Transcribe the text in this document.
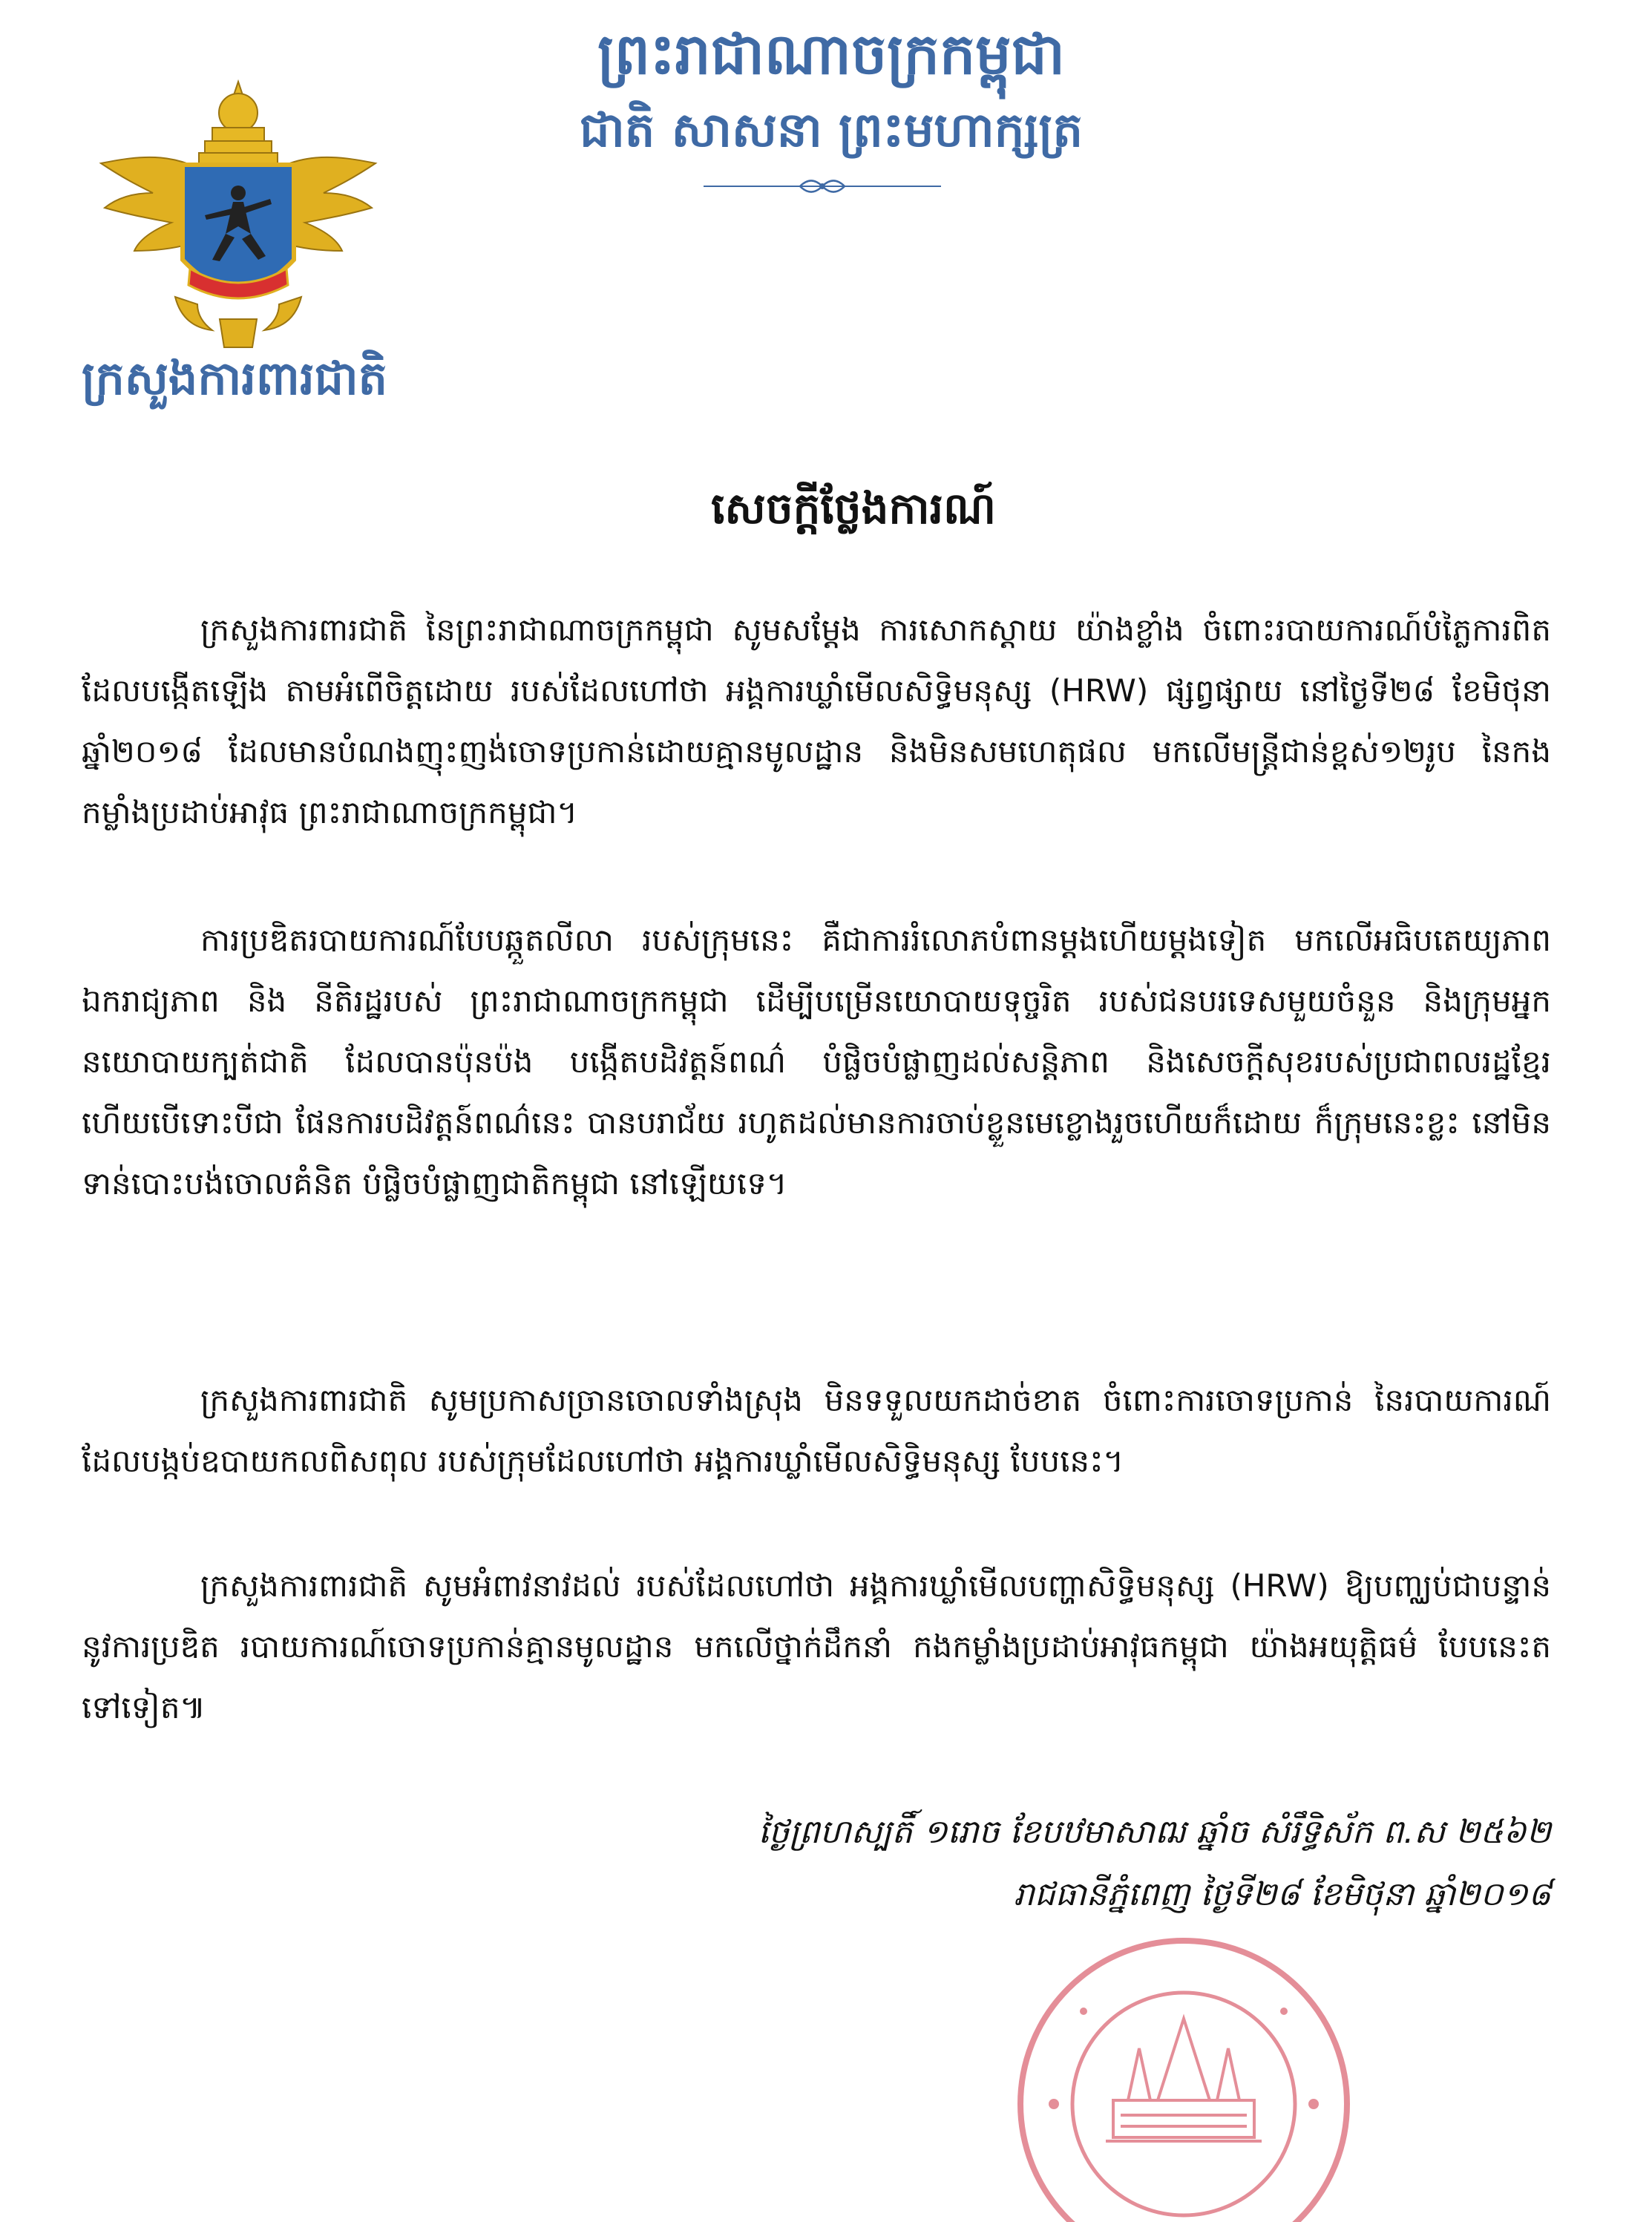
ព្រះរាជាណាចក្រកម្ពុជា
ជាតិ សាសនា ព្រះមហាក្សត្រ
ក្រសួងការពារជាតិ
សេចក្តីថ្លែងការណ៍

ក្រសួងការពារជាតិ នៃព្រះរាជាណាចក្រកម្ពុជា សូមសម្តែង ការសោកស្តាយ យ៉ាងខ្លាំង ចំពោះរបាយការណ៍បំភ្លៃការពិតដែលបង្កើតឡើង តាមអំពើចិត្តដោយ របស់ដែលហៅថា អង្គការឃ្លាំមើលសិទ្ធិមនុស្ស (HRW) ផ្សព្វផ្សាយ នៅថ្ងៃទី២៨ ខែមិថុនា ឆ្នាំ២០១៨ ដែលមានបំណងញុះញង់ចោទប្រកាន់ដោយគ្មានមូលដ្ឋាន និងមិនសមហេតុផល មកលើមន្ត្រីជាន់ខ្ពស់១២រូប នៃកងកម្លាំងប្រដាប់អាវុធ ព្រះរាជាណាចក្រកម្ពុជា។

ការប្រឌិតរបាយការណ៍បែបឆ្កួតលីលា របស់ក្រុមនេះ គឺជាការរំលោភបំពានម្តងហើយម្តងទៀត មកលើអធិបតេយ្យភាព ឯករាជ្យភាព និង នីតិរដ្ឋរបស់ ព្រះរាជាណាចក្រកម្ពុជា ដើម្បីបម្រើនយោបាយទុច្ចរិត របស់ជនបរទេសមួយចំនួន និងក្រុមអ្នកនយោបាយក្បត់ជាតិ ដែលបានប៉ុនប៉ង បង្កើតបដិវត្តន៍ពណ៌ បំផ្លិចបំផ្លាញដល់សន្តិភាព និងសេចក្តីសុខរបស់ប្រជាពលរដ្ឋខ្មែរ ហើយបើទោះបីជា ផែនការបដិវត្តន៍ពណ៌នេះ បានបរាជ័យ រហូតដល់មានការចាប់ខ្លួនមេខ្លោងរួចហើយក៏ដោយ ក៏ក្រុមនេះខ្លះ នៅមិនទាន់បោះបង់ចោលគំនិត បំផ្លិចបំផ្លាញជាតិកម្ពុជា នៅឡើយទេ។

ក្រសួងការពារជាតិ សូមប្រកាសច្រានចោលទាំងស្រុង មិនទទួលយកដាច់ខាត ចំពោះការចោទប្រកាន់ នៃរបាយការណ៍ដែលបង្កប់ឧបាយកលពិសពុល របស់ក្រុមដែលហៅថា អង្គការឃ្លាំមើលសិទ្ធិមនុស្ស បែបនេះ។

ក្រសួងការពារជាតិ សូមអំពាវនាវដល់ របស់ដែលហៅថា អង្គការឃ្លាំមើលបញ្ហាសិទ្ធិមនុស្ស (HRW) ឱ្យបញ្ឈប់ជាបន្ទាន់ នូវការប្រឌិត របាយការណ៍ចោទប្រកាន់គ្មានមូលដ្ឋាន មកលើថ្នាក់ដឹកនាំ កងកម្លាំងប្រដាប់អាវុធកម្ពុជា យ៉ាងអយុត្តិធម៌ បែបនេះតទៅទៀត៕

ថ្ងៃព្រហស្បតិ៍ ១រោច ខែបឋមាសាឍ ឆ្នាំច សំរឹទ្ធិស័ក ព.ស ២៥៦២
រាជធានីភ្នំពេញ ថ្ងៃទី២៨ ខែមិថុនា ឆ្នាំ២០១៨
